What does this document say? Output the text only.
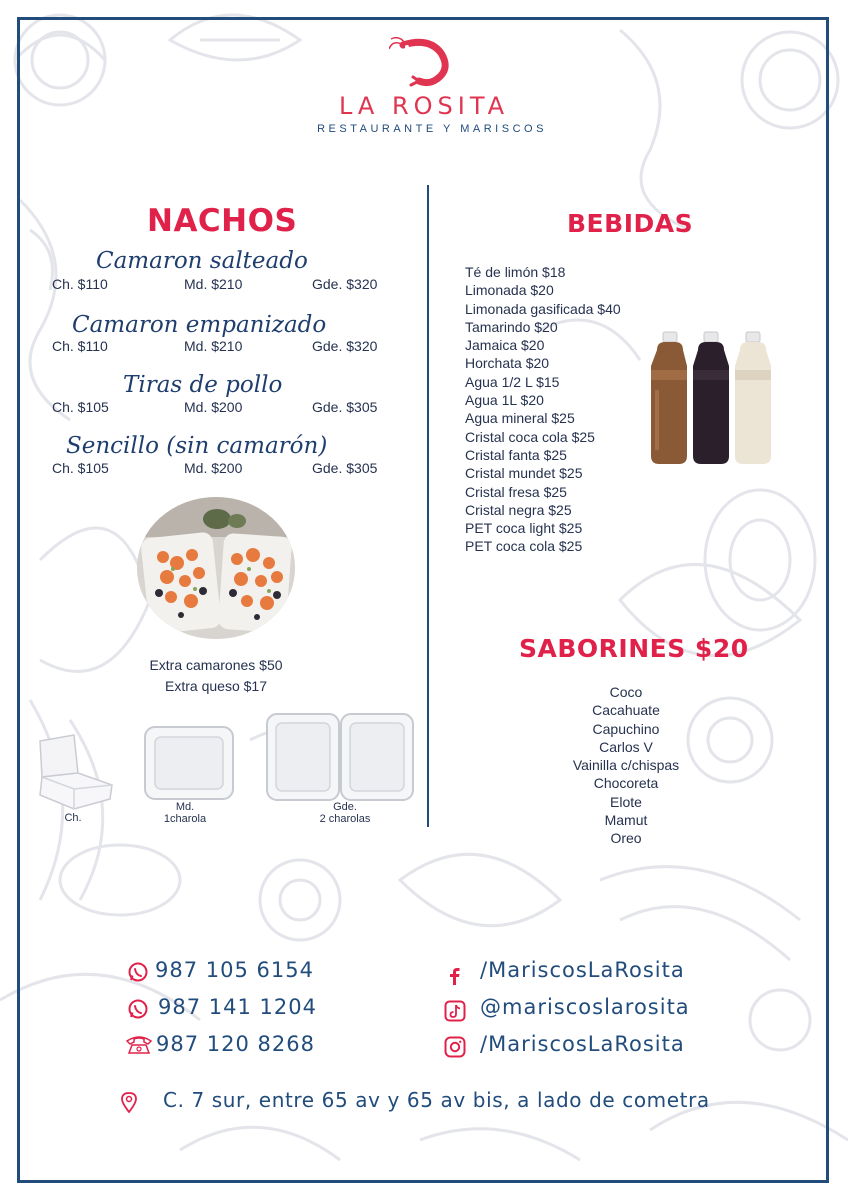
LA ROSITA
RESTAURANTE Y MARISCOS
NACHOS
Camaron salteado
Ch. $110	Md. $210	Gde. $320
Camaron empanizado
Ch. $110	Md. $210	Gde. $320
Tiras de pollo
Ch. $105	Md. $200	Gde. $305
Sencillo (sin camarón)
Ch. $105	Md. $200	Gde. $305
Extra camarones $50
Extra queso $17
Ch.
Md.
1charola
Gde.
2 charolas
BEBIDAS
Té de limón $18
Limonada $20
Limonada gasificada $40
Tamarindo $20
Jamaica $20
Horchata $20
Agua 1/2 L $15
Agua 1L $20
Agua mineral $25
Cristal coca cola $25
Cristal fanta $25
Cristal mundet $25
Cristal fresa $25
Cristal negra $25
PET coca light $25
PET coca cola $25
SABORINES $20
Coco
Cacahuate
Capuchino
Carlos V
Vainilla c/chispas
Chocoreta
Elote
Mamut
Oreo
987 105 6154
987 141 1204
987 120 8268
/MariscosLaRosita
@mariscoslarosita
/MariscosLaRosita
C. 7 sur, entre 65 av y 65 av bis, a lado de cometra
